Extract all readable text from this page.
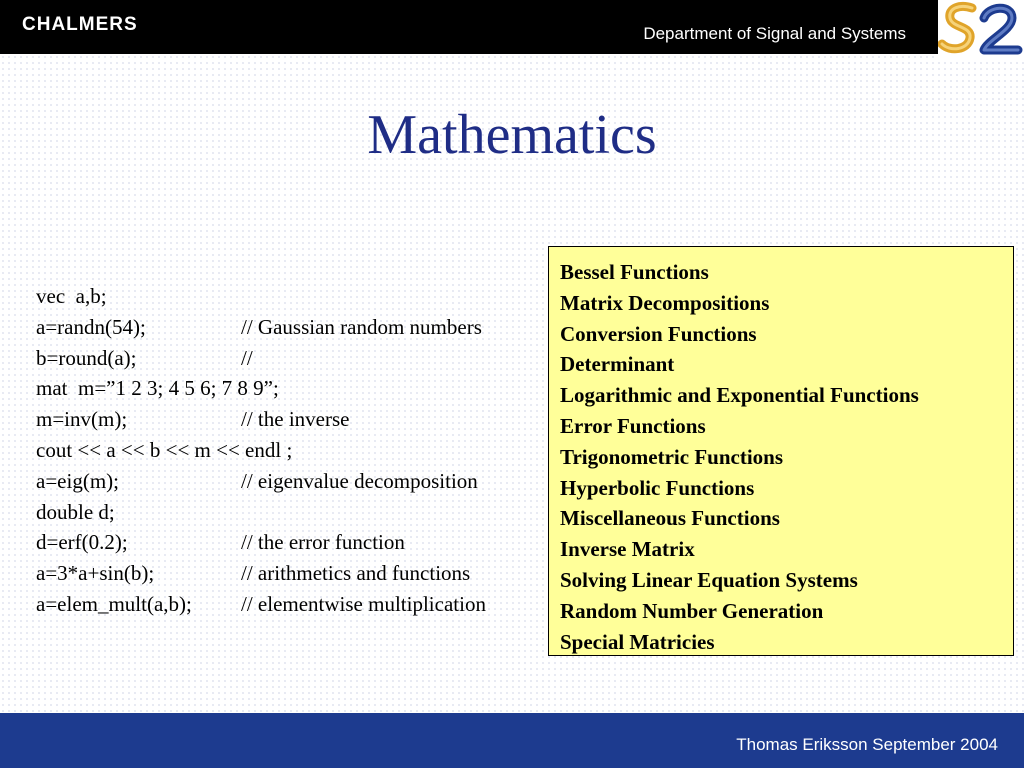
CHALMERS	Department of Signal and Systems
Mathematics
vec  a,b;
a=randn(54);	// Gaussian random numbers
b=round(a);	//
mat  m=”1 2 3; 4 5 6; 7 8 9”;
m=inv(m);	// the inverse
cout << a << b << m << endl ;
a=eig(m);	// eigenvalue decomposition
double d;
d=erf(0.2);	// the error function
a=3*a+sin(b);	// arithmetics and functions
a=elem_mult(a,b);	// elementwise multiplication
Bessel Functions
Matrix Decompositions
Conversion Functions
Determinant
Logarithmic and Exponential Functions
Error Functions
Trigonometric Functions
Hyperbolic Functions
Miscellaneous Functions
Inverse Matrix
Solving Linear Equation Systems
Random Number Generation
Special Matricies
Thomas Eriksson September 2004
